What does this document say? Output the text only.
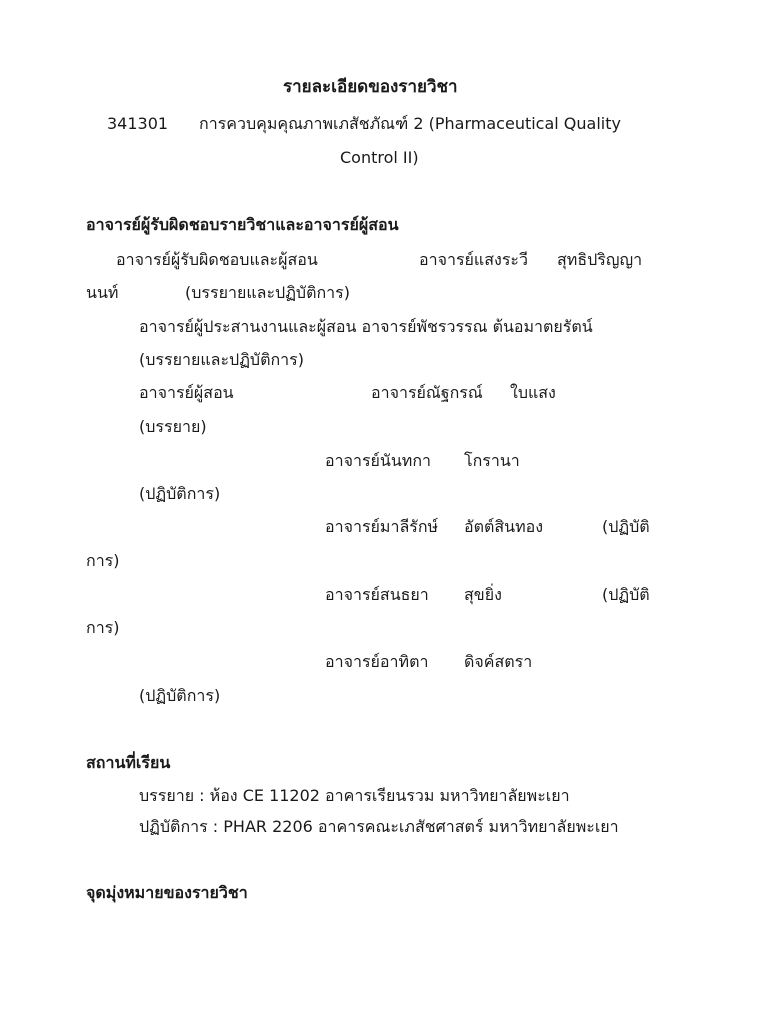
รายละเอียดของรายวิชา
341301 การควบคุมคุณภาพเภสัชภัณฑ์ 2 (Pharmaceutical Quality
Control II)
อาจารย์ผู้รับผิดชอบรายวิชาและอาจารย์ผู้สอน
อาจารย์ผู้รับผิดชอบและผู้สอน	อาจารย์แสงระวี สุทธิปริญญา
นนท์	(บรรยายและปฏิบัติการ)
อาจารย์ผู้ประสานงานและผู้สอน อาจารย์พัชรวรรณ ต้นอมาตยรัตน์
(บรรยายและปฏิบัติการ)
อาจารย์ผู้สอน	อาจารย์ณัฐกรณ์ ใบแสง
(บรรยาย)
อาจารย์นันทกา โกรานา
(ปฏิบัติการ)
อาจารย์มาลีรักษ์ อัตต์สินทอง	(ปฏิบัติ
การ)
อาจารย์สนธยา สุขยิ่ง	(ปฏิบัติ
การ)
อาจารย์อาทิตา ดิจค์สตรา
(ปฏิบัติการ)
สถานที่เรียน
บรรยาย : ห้อง CE 11202 อาคารเรียนรวม มหาวิทยาลัยพะเยา
ปฏิบัติการ : PHAR 2206 อาคารคณะเภสัชศาสตร์ มหาวิทยาลัยพะเยา
จุดมุ่งหมายของรายวิชา
